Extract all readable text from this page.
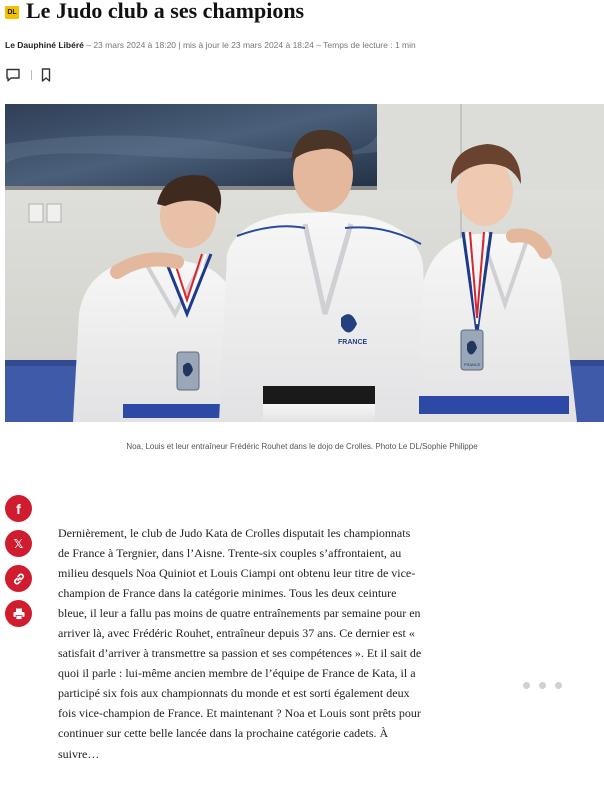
DL Le Judo club a ses champions
Le Dauphiné Libéré – 23 mars 2024 à 18:20 | mis à jour le 23 mars 2024 à 18:24 – Temps de lecture : 1 min
FRANCE
FRANCE
Noa, Louis et leur entraîneur Frédéric Rouhet dans le dojo de Crolles. Photo Le DL/Sophie Philippe
f
𝕏

Dernièrement, le club de Judo Kata de Crolles disputait les championnats de France à Tergnier, dans l’Aisne. Trente-six couples s’affrontaient, au milieu desquels Noa Quiniot et Louis Ciampi ont obtenu leur titre de vice-champion de France dans la catégorie minimes. Tous les deux ceinture bleue, il leur a fallu pas moins de quatre entraînements par semaine pour en arriver là, avec Frédéric Rouhet, entraîneur depuis 37 ans. Ce dernier est « satisfait d’arriver à transmettre sa passion et ses compétences ». Et il sait de quoi il parle : lui-même ancien membre de l’équipe de France de Kata, il a participé six fois aux championnats du monde et est sorti également deux fois vice-champion de France. Et maintenant ? Noa et Louis sont prêts pour continuer sur cette belle lancée dans la prochaine catégorie cadets. À suivre…
